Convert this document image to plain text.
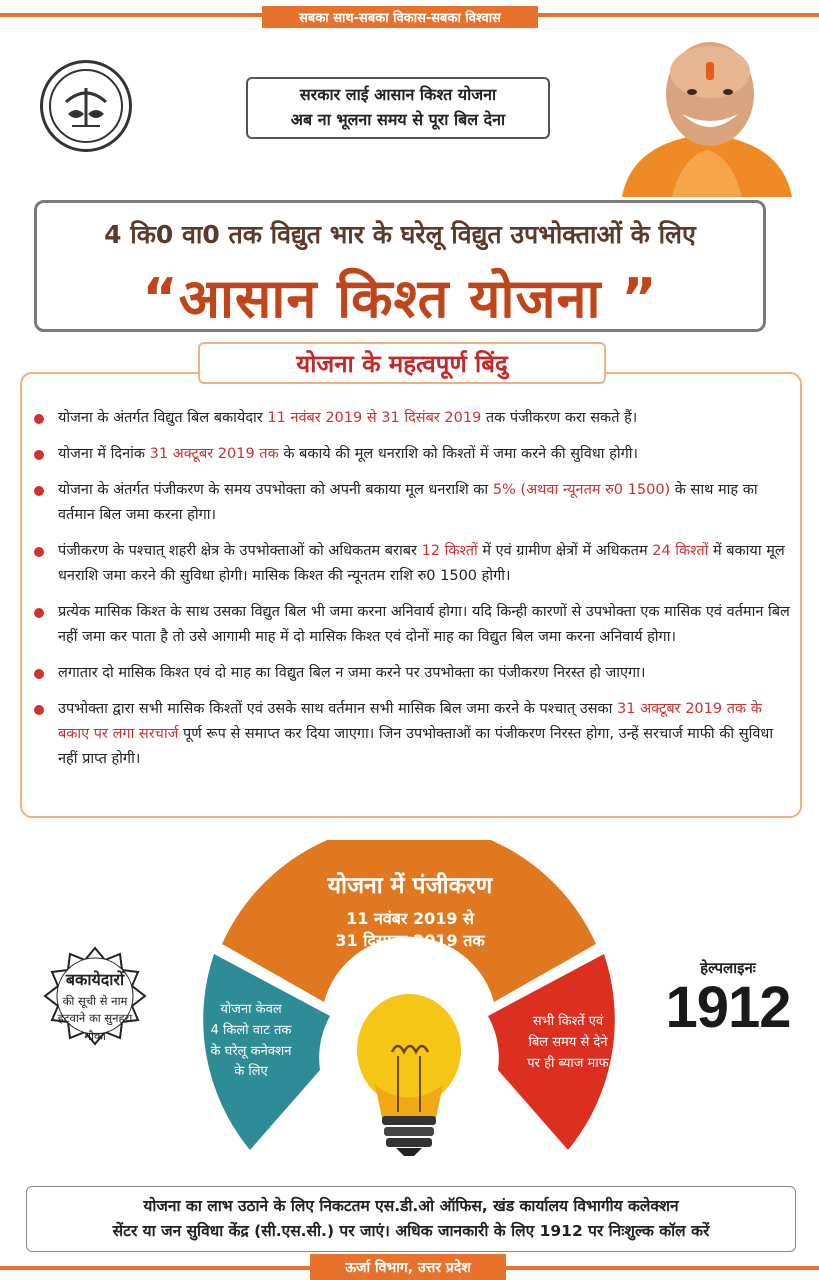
सबका साथ-सबका विकास-सबका विश्वास
सरकार लाई आसान किश्त योजना
अब ना भूलना समय से पूरा बिल देना
4 कि0 वा0 तक विद्युत भार के घरेलू विद्युत उपभोक्ताओं के लिए
“आसान किश्त योजना ”
योजना के महत्वपूर्ण बिंदु
योजना के अंतर्गत विद्युत बिल बकायेदार 11 नवंबर 2019 से 31 दिसंबर 2019 तक पंजीकरण करा सकते हैं।
योजना में दिनांक 31 अक्टूबर 2019 तक के बकाये की मूल धनराशि को किश्तों में जमा करने की सुविधा होगी।
योजना के अंतर्गत पंजीकरण के समय उपभोक्ता को अपनी बकाया मूल धनराशि का 5% (अथवा न्यूनतम रु0 1500) के साथ माह का वर्तमान बिल जमा करना होगा।
पंजीकरण के पश्चात् शहरी क्षेत्र के उपभोक्ताओं को अधिकतम बराबर 12 किश्तों में एवं ग्रामीण क्षेत्रों में अधिकतम 24 किश्तों में बकाया मूल धनराशि जमा करने की सुविधा होगी। मासिक किश्त की न्यूनतम राशि रु0 1500 होगी।
प्रत्येक मासिक किश्त के साथ उसका विद्युत बिल भी जमा करना अनिवार्य होगा। यदि किन्ही कारणों से उपभोक्ता एक मासिक एवं वर्तमान बिल नहीं जमा कर पाता है तो उसे आगामी माह में दो मासिक किश्त एवं दोनों माह का विद्युत बिल जमा करना अनिवार्य होगा।
लगातार दो मासिक किश्त एवं दो माह का विद्युत बिल न जमा करने पर उपभोक्ता का पंजीकरण निरस्त हो जाएगा।
उपभोक्ता द्वारा सभी मासिक किश्तों एवं उसके साथ वर्तमान सभी मासिक बिल जमा करने के पश्चात् उसका 31 अक्टूबर 2019 तक के बकाए पर लगा सरचार्ज पूर्ण रूप से समाप्त कर दिया जाएगा। जिन उपभोक्ताओं का पंजीकरण निरस्त होगा, उन्हें सरचार्ज माफी की सुविधा नहीं प्राप्त होगी।
योजना में पंजीकरण
11 नवंबर 2019 से
31 दिसम्बर 2019 तक
योजना केवल
4 किलो वाट तक
के घरेलू कनेक्शन
के लिए
सभी किश्तें एवं
बिल समय से देने
पर ही ब्याज माफ
बकायेदारों
की सूची से नाम
हटवाने का सुनहरा
मौका
हेल्पलाइनः
1912
योजना का लाभ उठाने के लिए निकटतम एस.डी.ओ ऑफिस, खंड कार्यालय विभागीय कलेक्शन
सेंटर या जन सुविधा केंद्र (सी.एस.सी.) पर जाएं। अधिक जानकारी के लिए 1912 पर निःशुल्क कॉल करें
ऊर्जा विभाग, उत्तर प्रदेश
